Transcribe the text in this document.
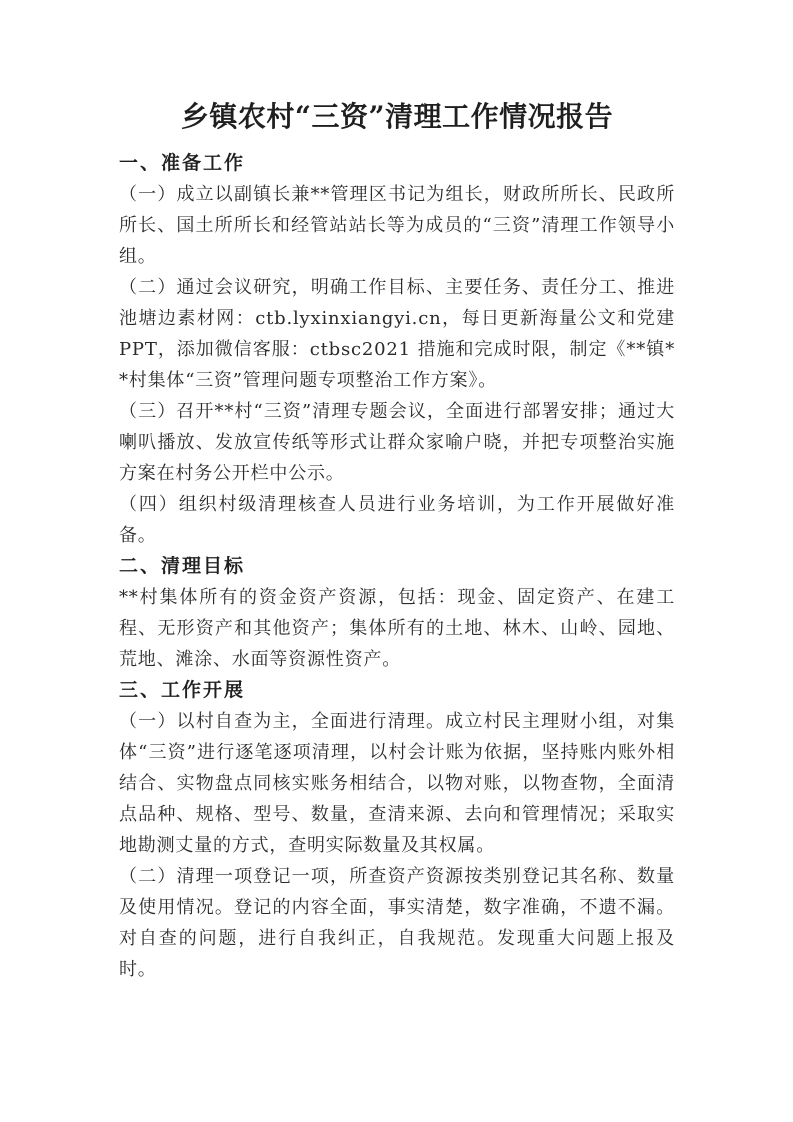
乡镇农村“三资”清理工作情况报告
一、准备工作

（一）成立以副镇长兼**管理区书记为组长，财政所所长、民政所所长、国土所所长和经管站站长等为成员的“三资”清理工作领导小组。

（二）通过会议研究，明确工作目标、主要任务、责任分工、推进池塘边素材网：ctb.lyxinxiangyi.cn，每日更新海量公文和党建 PPT，添加微信客服：ctbsc2021 措施和完成时限，制定《**镇**村集体“三资”管理问题专项整治工作方案》。

（三）召开**村“三资”清理专题会议，全面进行部署安排；通过大喇叭播放、发放宣传纸等形式让群众家喻户晓，并把专项整治实施方案在村务公开栏中公示。

（四）组织村级清理核查人员进行业务培训，为工作开展做好准备。

二、清理目标

**村集体所有的资金资产资源，包括：现金、固定资产、在建工程、无形资产和其他资产；集体所有的土地、林木、山岭、园地、荒地、滩涂、水面等资源性资产。

三、工作开展

（一）以村自查为主，全面进行清理。成立村民主理财小组，对集体“三资”进行逐笔逐项清理，以村会计账为依据，坚持账内账外相结合、实物盘点同核实账务相结合，以物对账，以物查物，全面清点品种、规格、型号、数量，查清来源、去向和管理情况；采取实地勘测丈量的方式，查明实际数量及其权属。

（二）清理一项登记一项，所查资产资源按类别登记其名称、数量及使用情况。登记的内容全面，事实清楚，数字准确，不遗不漏。对自查的问题，进行自我纠正，自我规范。发现重大问题上报及时。
